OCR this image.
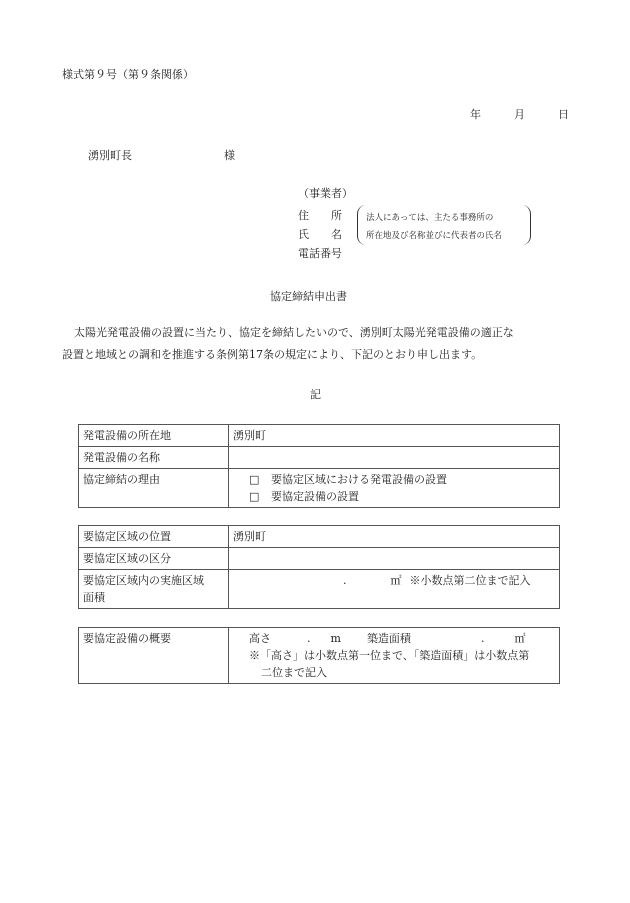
様式第９号（第９条関係）
年	月	日
湧別町長	様
（事業者）
住　　所
氏　　名
電話番号
法人にあっては、主たる事務所の
所在地及び名称並びに代表者の氏名
協定締結申出書
太陽光発電設備の設置に当たり、協定を締結したいので、湧別町太陽光発電設備の適正な
設置と地域との調和を推進する条例第17条の規定により、下記のとおり申し出ます。
記
発電設備の所在地	湧別町
発電設備の名称	
協定締結の理由	□ 要協定区域における発電設備の設置
□ 要協定設備の設置
要協定区域の位置	湧別町
要協定区域の区分	

要協定区域内の実施区域
面積	. ㎡ ※小数点第二位まで記入
要協定設備の概要	高さ	. m 築造面積	.	㎡
※「高さ」は小数点第一位まで、「築造面積」は小数点第
二位まで記入
